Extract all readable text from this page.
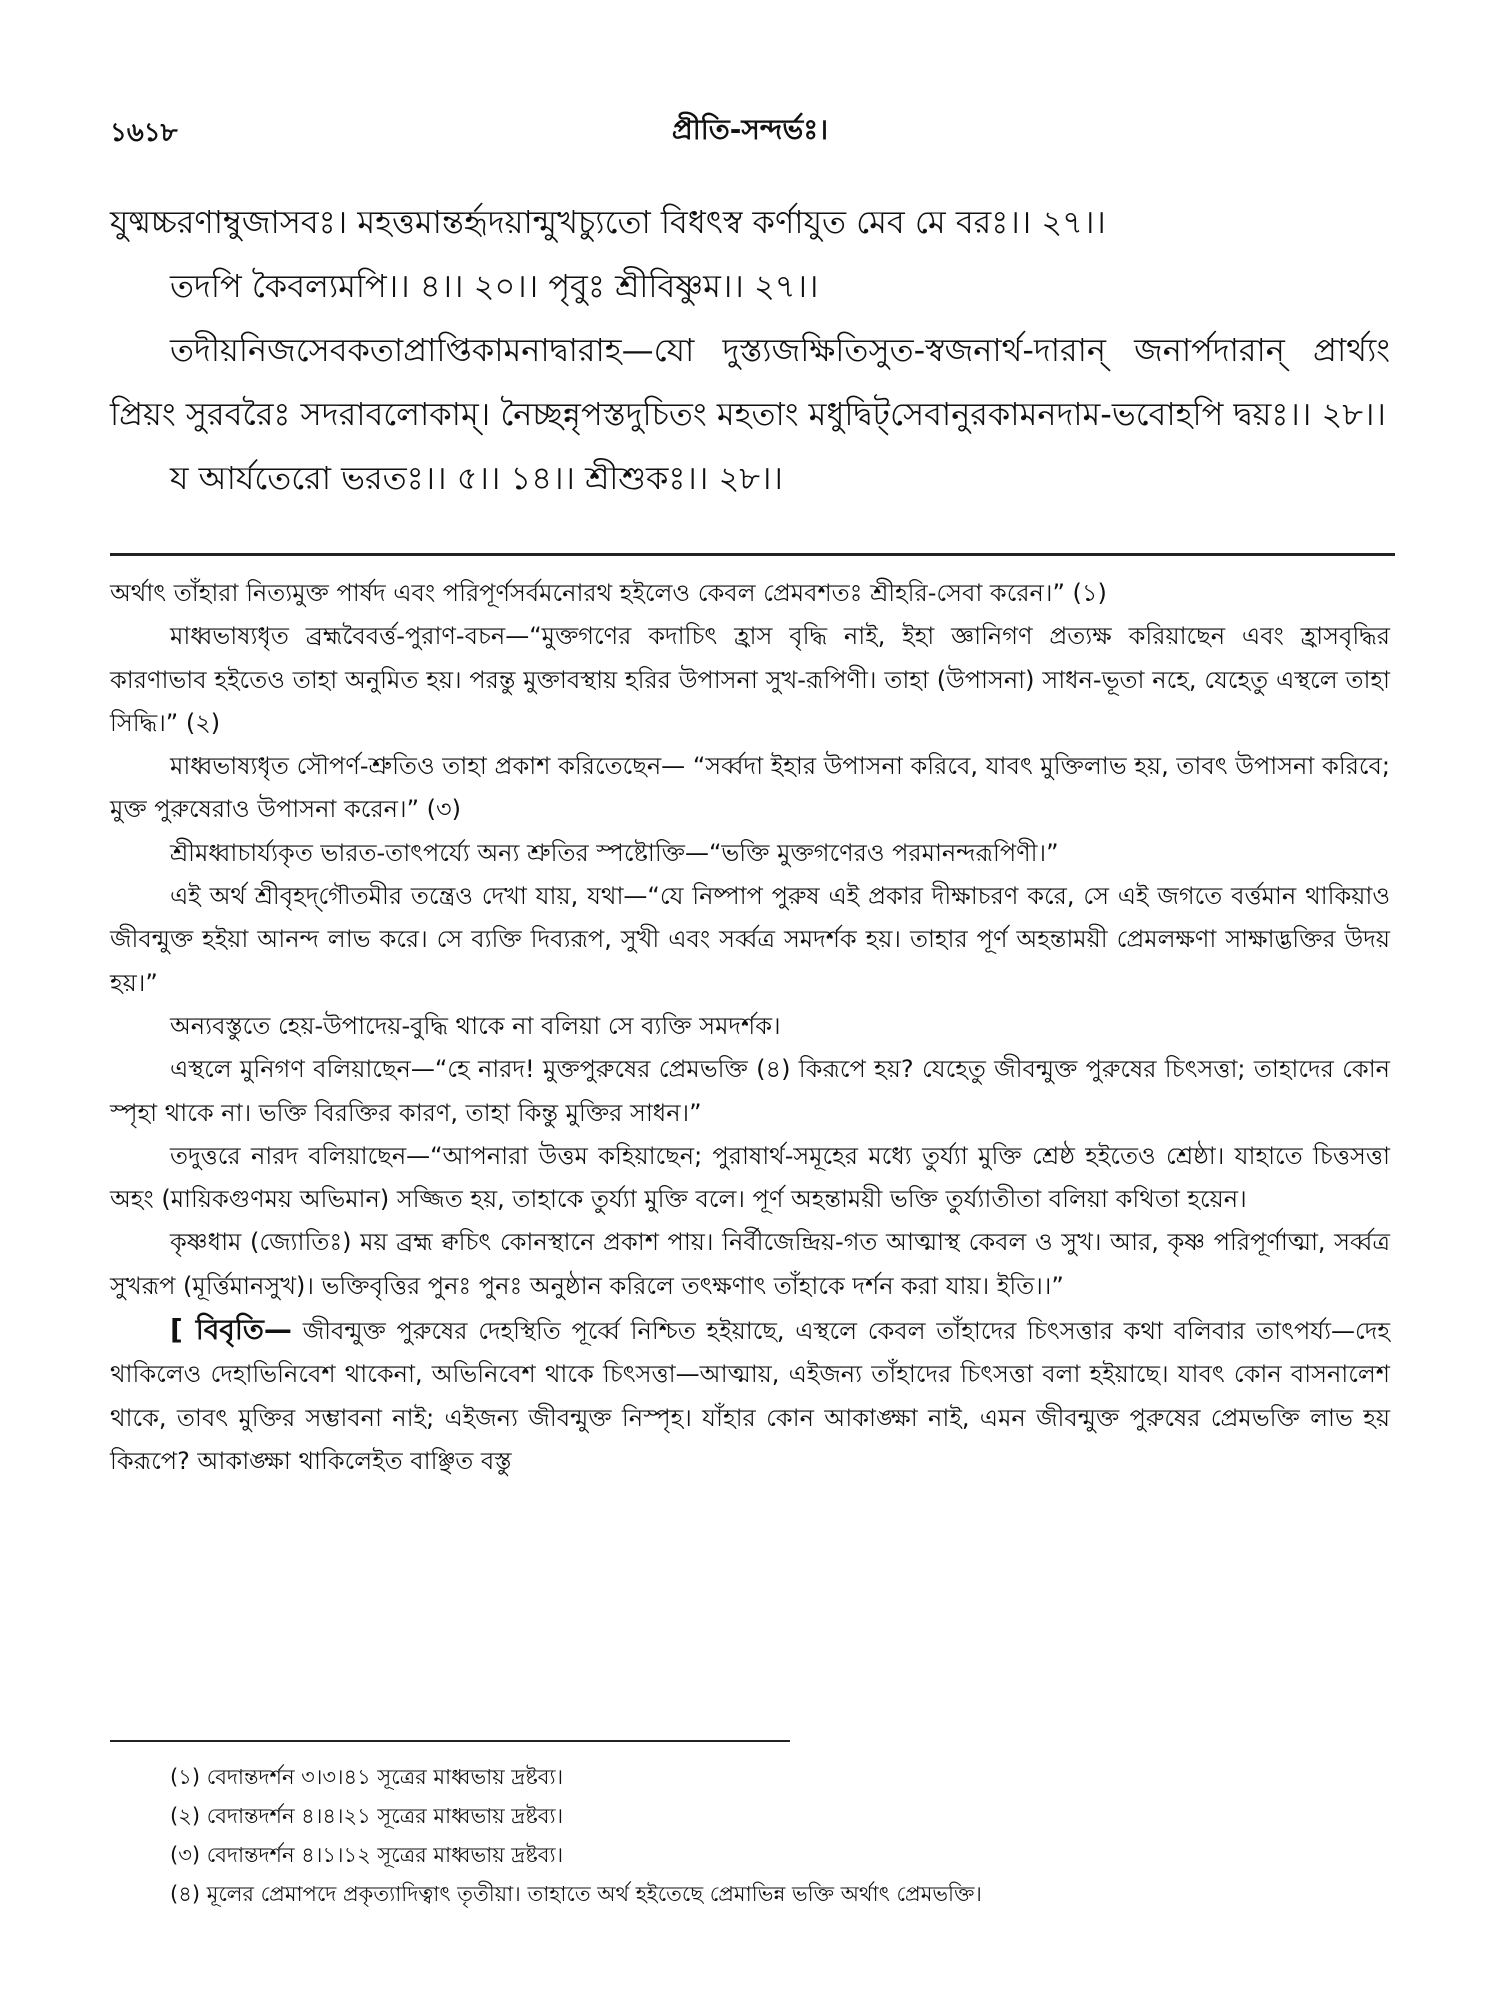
১৬১৮	প্রীতি-সন্দর্ভঃ।

যুষ্মচ্চরণাম্বুজাসবঃ। মহত্তমান্তর্হৃদয়ান্মুখচ্যুতো বিধৎস্ব কর্ণাযুত মেব মে বরঃ।। ২৭।।

তদপি কৈবল্যমপি।। ৪।। ২০।। পৃবুঃ শ্রীবিষ্ণুম।। ২৭।।

তদীয়নিজসেবকতাপ্রাপ্তিকামনাদ্বারাহ—যো দুস্ত্যজক্ষিতিসুত-স্বজনার্থ-দারান্ জনার্পদারান্ প্রার্থ্যং প্রিয়ং সুরবরৈঃ সদরাবলোকাম্। নৈচ্ছন্নৃপস্তদুচিতং মহতাং মধুদ্বিট্‌সেবানুরকামনদাম-ভবোহপি দ্বয়ঃ।। ২৮।।

য আর্যতেরো ভরতঃ।। ৫।। ১৪।। শ্রীশুকঃ।। ২৮।।

অর্থাৎ তাঁহারা নিত্যমুক্ত পার্ষদ এবং পরিপূর্ণসর্বমনোরথ হইলেও কেবল প্রেমবশতঃ শ্রীহরি-সেবা করেন।” (১)

মাধ্বভাষ্যধৃত ব্রহ্মবৈবর্ত্ত-পুরাণ-বচন—“মুক্তগণের কদাচিৎ হ্রাস বৃদ্ধি নাই, ইহা জ্ঞানিগণ প্রত্যক্ষ করিয়াছেন এবং হ্রাসবৃদ্ধির কারণাভাব হইতেও তাহা অনুমিত হয়। পরন্তু মুক্তাবস্থায় হরির উপাসনা সুখ-রূপিণী। তাহা (উপাসনা) সাধন-ভূতা নহে, যেহেতু এস্থলে তাহা সিদ্ধি।” (২)

মাধ্বভাষ্যধৃত সৌপর্ণ-শ্রুতিও তাহা প্রকাশ করিতেছেন— “সর্ব্বদা ইহার উপাসনা করিবে, যাবৎ মুক্তিলাভ হয়, তাবৎ উপাসনা করিবে; মুক্ত পুরুষেরাও উপাসনা করেন।” (৩)

শ্রীমধ্বাচার্য্যকৃত ভারত-তাৎপর্য্যে অন্য শ্রুতির স্পষ্টোক্তি—“ভক্তি মুক্তগণেরও পরমানন্দরূপিণী।”

এই অর্থ শ্রীবৃহদ্‌গৌতমীর তন্ত্রেও দেখা যায়, যথা—“যে নিষ্পাপ পুরুষ এই প্রকার দীক্ষাচরণ করে, সে এই জগতে বর্ত্তমান থাকিয়াও জীবন্মুক্ত হইয়া আনন্দ লাভ করে। সে ব্যক্তি দিব্যরূপ, সুখী এবং সর্ব্বত্র সমদর্শক হয়। তাহার পূর্ণ অহন্তাময়ী প্রেমলক্ষণা সাক্ষাদ্ভক্তির উদয় হয়।”

অন্যবস্তুতে হেয়-উপাদেয়-বুদ্ধি থাকে না বলিয়া সে ব্যক্তি সমদর্শক।

এস্থলে মুনিগণ বলিয়াছেন—“হে নারদ! মুক্তপুরুষের প্রেমভক্তি (৪) কিরূপে হয়? যেহেতু জীবন্মুক্ত পুরুষের চিৎসত্তা; তাহাদের কোন স্পৃহা থাকে না। ভক্তি বিরক্তির কারণ, তাহা কিন্তু মুক্তির সাধন।”

তদুত্তরে নারদ বলিয়াছেন—“আপনারা উত্তম কহিয়াছেন; পুরাষার্থ-সমূহের মধ্যে তুর্য্যা মুক্তি শ্রেষ্ঠ হইতেও শ্রেষ্ঠা। যাহাতে চিত্তসত্তা অহং (মায়িকগুণময় অভিমান) সজ্জিত হয়, তাহাকে তুর্য্যা মুক্তি বলে। পূর্ণ অহন্তাময়ী ভক্তি তুর্য্যাতীতা বলিয়া কথিতা হয়েন।

কৃষ্ণধাম (জ্যোতিঃ) ময় ব্রহ্ম ক্বচিৎ কোনস্থানে প্রকাশ পায়। নির্বীজেন্দ্রিয়-গত আত্মাস্থ কেবল ও সুখ। আর, কৃষ্ণ পরিপূর্ণাত্মা, সর্ব্বত্র সুখরূপ (মূর্ত্তিমানসুখ)। ভক্তিবৃত্তির পুনঃ পুনঃ অনুষ্ঠান করিলে তৎক্ষণাৎ তাঁহাকে দর্শন করা যায়। ইতি।।”

[ বিবৃতি— জীবন্মুক্ত পুরুষের দেহস্থিতি পূর্ব্বে নিশ্চিত হইয়াছে, এস্থলে কেবল তাঁহাদের চিৎসত্তার কথা বলিবার তাৎপর্য্য—দেহ থাকিলেও দেহাভিনিবেশ থাকেনা, অভিনিবেশ থাকে চিৎসত্তা—আত্মায়, এইজন্য তাঁহাদের চিৎসত্তা বলা হইয়াছে। যাবৎ কোন বাসনালেশ থাকে, তাবৎ মুক্তির সম্ভাবনা নাই; এইজন্য জীবন্মুক্ত নিস্পৃহ। যাঁহার কোন আকাঙ্ক্ষা নাই, এমন জীবন্মুক্ত পুরুষের প্রেমভক্তি লাভ হয় কিরূপে? আকাঙ্ক্ষা থাকিলেইত বাঞ্ছিত বস্তু

(১) বেদান্তদর্শন ৩।৩।৪১ সূত্রের মাধ্বভায় দ্রষ্টব্য।
(২) বেদান্তদর্শন ৪।৪।২১ সূত্রের মাধ্বভায় দ্রষ্টব্য।
(৩) বেদান্তদর্শন ৪।১।১২ সূত্রের মাধ্বভায় দ্রষ্টব্য।
(৪) মূলের প্রেমাপদে প্রকৃত্যাদিত্বাৎ তৃতীয়া। তাহাতে অর্থ হইতেছে প্রেমাভিন্ন ভক্তি অর্থাৎ প্রেমভক্তি।
